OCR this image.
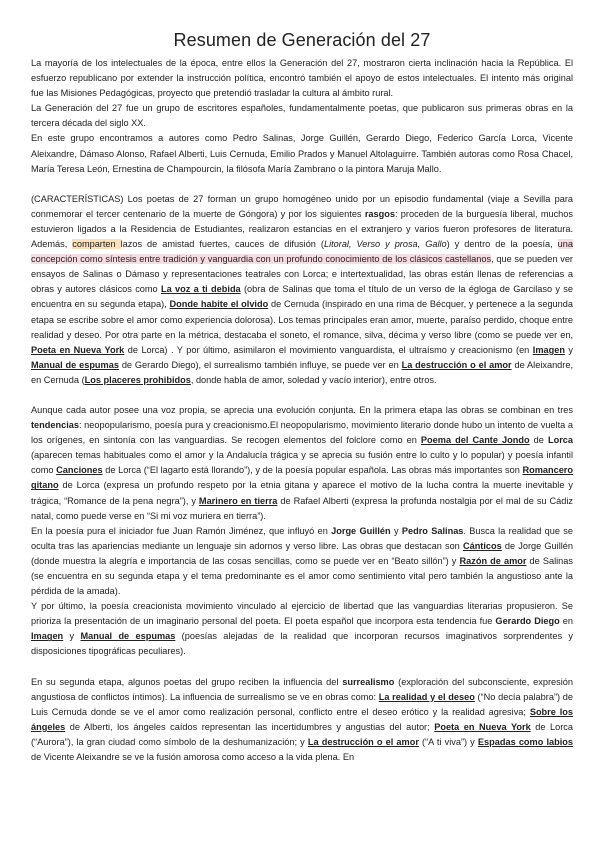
Resumen de Generación del 27

La mayoría de los intelectuales de la época, entre ellos la Generación del 27, mostraron cierta inclinación hacia la República. El esfuerzo republicano por extender la instrucción política, encontró también el apoyo de estos intelectuales. El intento más original fue las Misiones Pedagógicas, proyecto que pretendió trasladar la cultura al ámbito rural.

La Generación del 27 fue un grupo de escritores españoles, fundamentalmente poetas, que publicaron sus primeras obras en la tercera década del siglo XX.

En este grupo encontramos a autores como Pedro Salinas, Jorge Guillén, Gerardo Diego, Federico García Lorca, Vicente Aleixandre, Dámaso Alonso, Rafael Alberti, Luis Cernuda, Emilio Prados y Manuel Altolaguirre. También autoras como Rosa Chacel, María Teresa León, Ernestina de Champourcin, la filósofa María Zambrano o la pintora Maruja Mallo.

(CARACTERÍSTICAS) Los poetas de 27 forman un grupo homogéneo unido por un episodio fundamental (viaje a Sevilla para conmemorar el tercer centenario de la muerte de Góngora) y por los siguientes rasgos: proceden de la burguesía liberal, muchos estuvieron ligados a la Residencia de Estudiantes, realizaron estancias en el extranjero y varios fueron profesores de literatura. Además, comparten lazos de amistad fuertes, cauces de difusión (Litoral, Verso y prosa, Gallo) y dentro de la poesía, una concepción como síntesis entre tradición y vanguardia con un profundo conocimiento de los clásicos castellanos, que se pueden ver ensayos de Salinas o Dámaso y representaciones teatrales con Lorca; e intertextualidad, las obras están llenas de referencias a obras y autores clásicos como La voz a ti debida (obra de Salinas que toma el título de un verso de la égloga de Garcilaso y se encuentra en su segunda etapa), Donde habite el olvido de Cernuda (inspirado en una rima de Bécquer, y pertenece a la segunda etapa se escribe sobre el amor como experiencia dolorosa). Los temas principales eran amor, muerte, paraíso perdido, choque entre realidad y deseo. Por otra parte en la métrica, destacaba el soneto, el romance, silva, décima y verso libre (como se puede ver en, Poeta en Nueva York de Lorca) . Y por último, asimilaron el movimiento vanguardista, el ultraísmo y creacionismo (en Imagen y Manual de espumas de Gerardo Diego), el surrealismo también influye, se puede ver en La destrucción o el amor de Aleixandre, en Cernuda (Los placeres prohibidos, donde habla de amor, soledad y vacío interior), entre otros.

Aunque cada autor posee una voz propia, se aprecia una evolución conjunta. En la primera etapa las obras se combinan en tres tendencias: neopopularismo, poesía pura y creacionismo.El neopopularismo, movimiento literario donde hubo un intento de vuelta a los orígenes, en sintonía con las vanguardias. Se recogen elementos del folclore como en Poema del Cante Jondo de Lorca (aparecen temas habituales como el amor y la Andalucía trágica y se aprecia su fusión entre lo culto y lo popular) y poesía infantil como Canciones de Lorca (“El lagarto está llorando”), y de la poesía popular española. Las obras más importantes son Romancero gitano de Lorca (expresa un profundo respeto por la etnia gitana y aparece el motivo de la lucha contra la muerte inevitable y trágica, “Romance de la pena negra”), y Marinero en tierra de Rafael Alberti (expresa la profunda nostalgia por el mal de su Cádiz natal, como puede verse en “Si mi voz muriera en tierra”).

En la poesía pura el iniciador fue Juan Ramón Jiménez, que influyó en Jorge Guillén y Pedro Salinas. Busca la realidad que se oculta tras las apariencias mediante un lenguaje sin adornos y verso libre. Las obras que destacan son Cánticos de Jorge Guillén (donde muestra la alegría e importancia de las cosas sencillas, como se puede ver en “Beato sillón”) y Razón de amor de Salinas (se encuentra en su segunda etapa y el tema predominante es el amor como sentimiento vital pero también la angustioso ante la pérdida de la amada).

Y por último, la poesía creacionista movimiento vinculado al ejercicio de libertad que las vanguardias literarias propusieron. Se prioriza la presentación de un imaginario personal del poeta. El poeta español que incorpora esta tendencia fue Gerardo Diego en Imagen y Manual de espumas (poesías alejadas de la realidad que incorporan recursos imaginativos sorprendentes y disposiciones tipográficas peculiares).

En su segunda etapa, algunos poetas del grupo reciben la influencia del surrealismo (exploración del subconsciente, expresión angustiosa de conflictos íntimos). La influencia de surrealismo se ve en obras como: La realidad y el deseo (“No decía palabra”) de Luis Cernuda donde se ve el amor como realización personal, conflicto entre el deseo erótico y la realidad agresiva; Sobre los ángeles de Alberti, los ángeles caídos representan las incertidumbres y angustias del autor; Poeta en Nueva York de Lorca (“Aurora”), la gran ciudad como símbolo de la deshumanización; y La destrucción o el amor (“A ti viva”) y Espadas como labios de Vicente Aleixandre se ve la fusión amorosa como acceso a la vida plena. En
